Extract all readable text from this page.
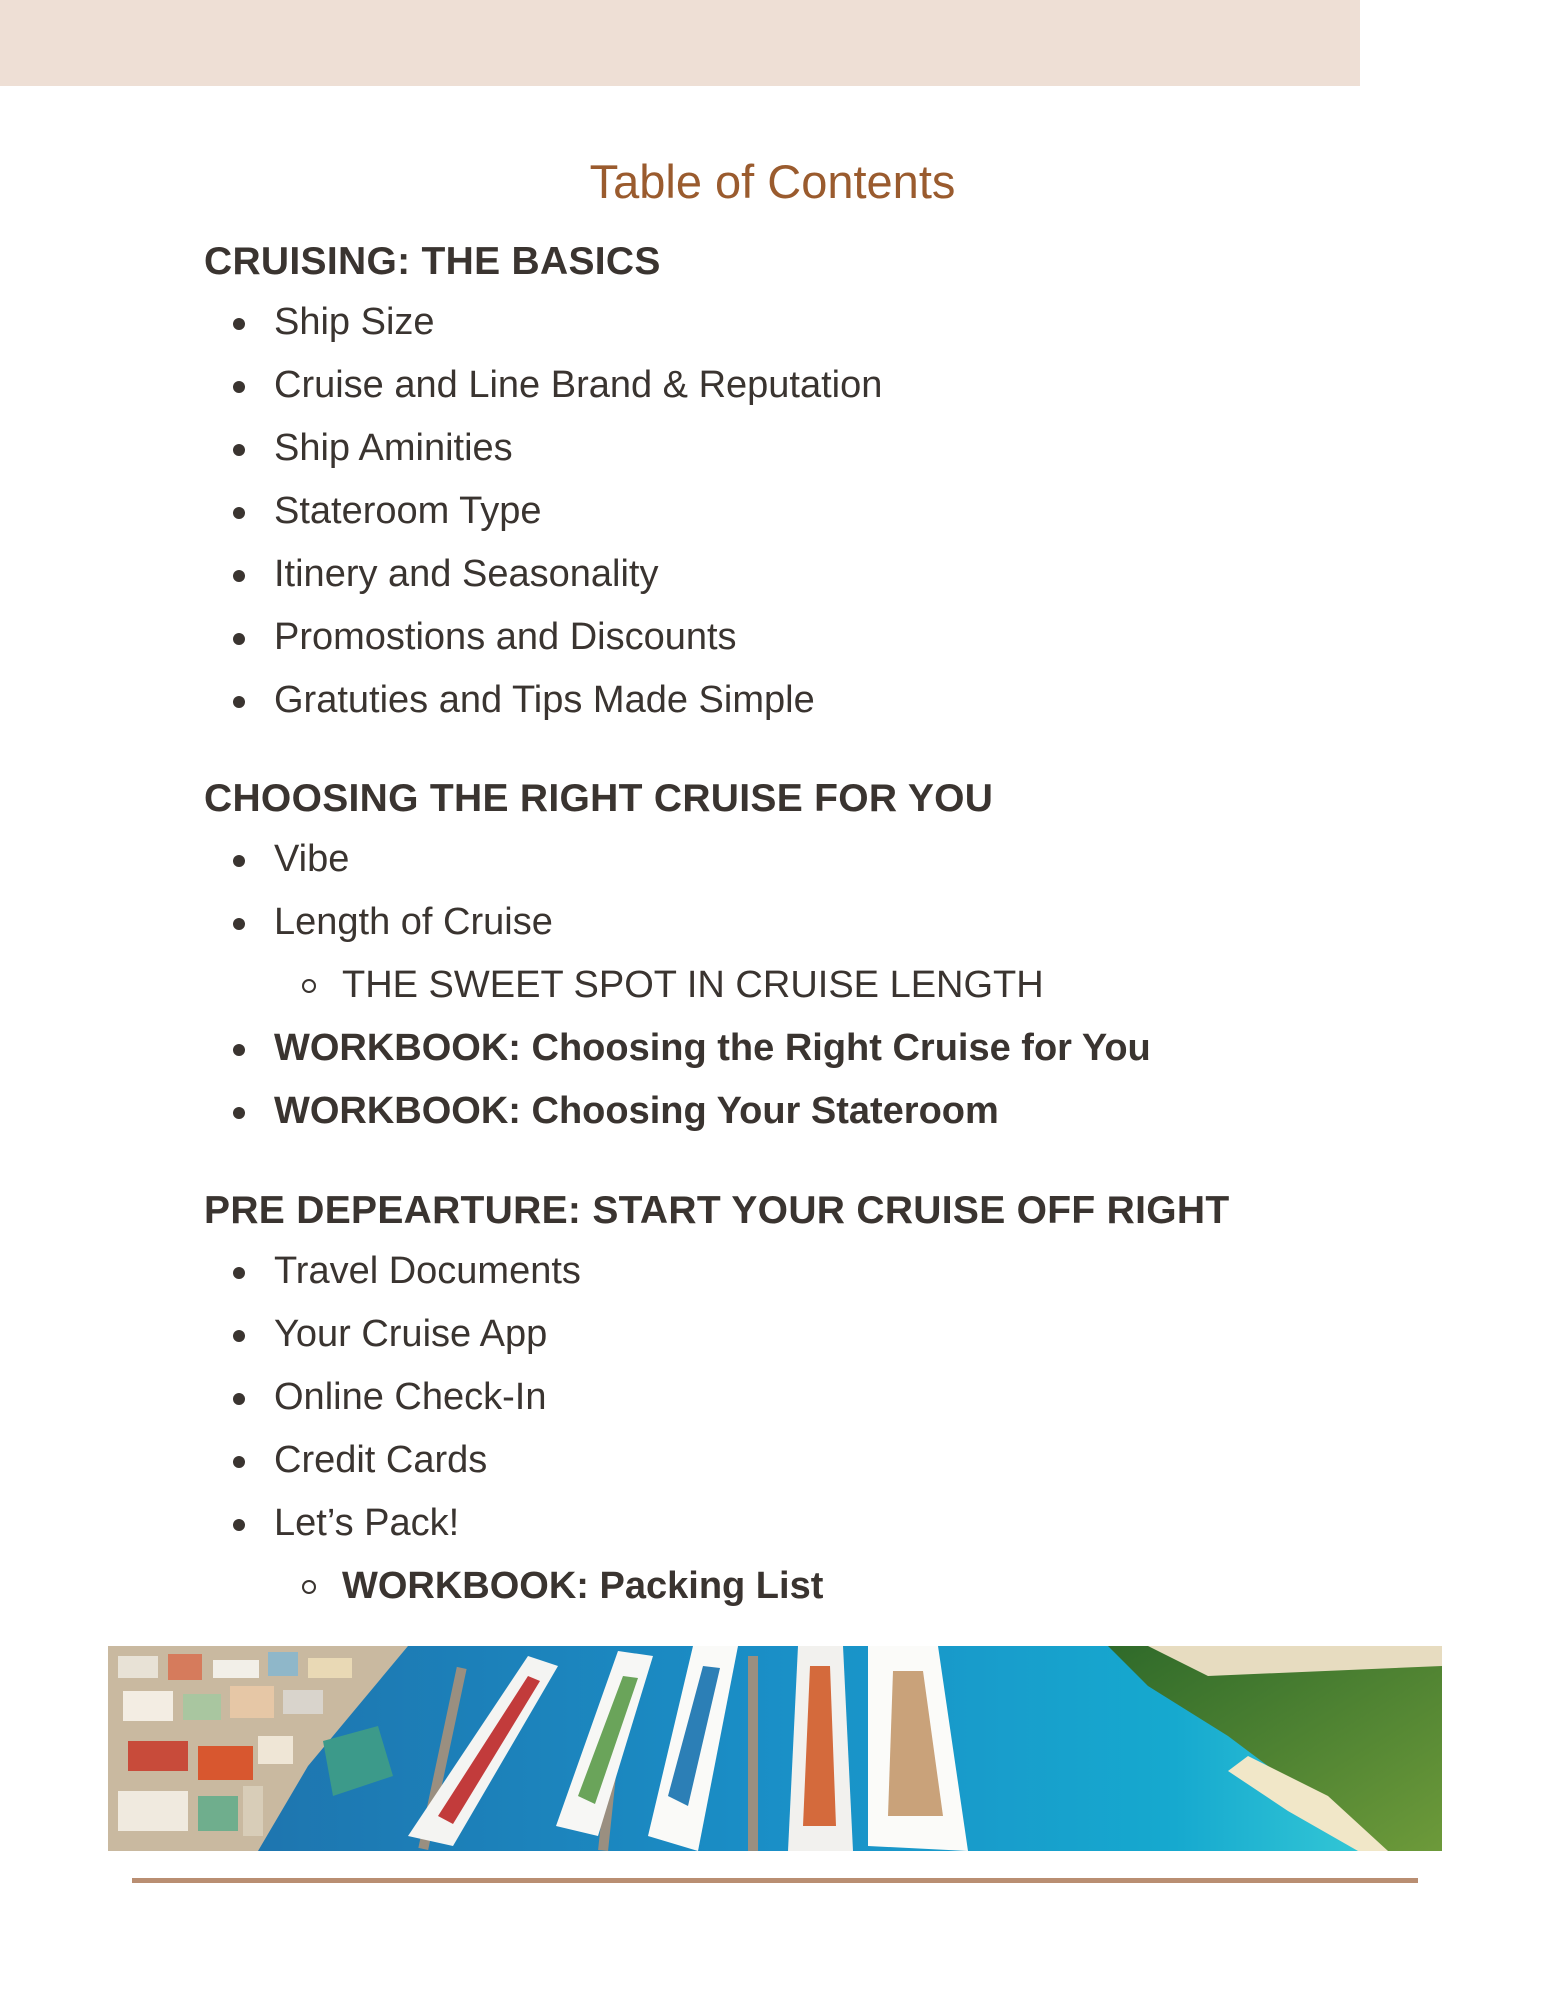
Table of Contents
CRUISING: THE BASICS
Ship Size
Cruise and Line Brand & Reputation
Ship Aminities
Stateroom Type
Itinery and Seasonality
Promostions and Discounts
Gratuties and Tips Made Simple
CHOOSING THE RIGHT CRUISE FOR YOU
Vibe
Length of Cruise
THE SWEET SPOT IN CRUISE LENGTH
WORKBOOK: Choosing the Right Cruise for You
WORKBOOK: Choosing Your Stateroom
PRE DEPEARTURE: START YOUR CRUISE OFF RIGHT
Travel Documents
Your Cruise App
Online Check-In
Credit Cards
Let’s Pack!
WORKBOOK: Packing List
